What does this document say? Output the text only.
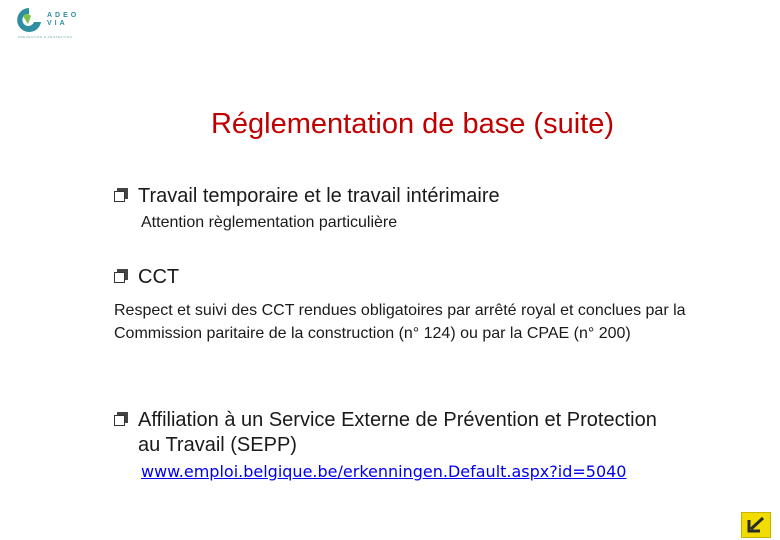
ADEO
VIA
PREVENTION & PROTECTION
Réglementation de base (suite)
Travail temporaire et le travail intérimaire
Attention règlementation particulière
CCT
Respect et suivi des CCT rendues obligatoires par arrêté royal et conclues par la Commission paritaire de la construction (n° 124) ou par la CPAE (n° 200)
Affiliation à un Service Externe de Prévention et Protection au Travail (SEPP)
www.emploi.belgique.be/erkenningen.Default.aspx?id=5040
